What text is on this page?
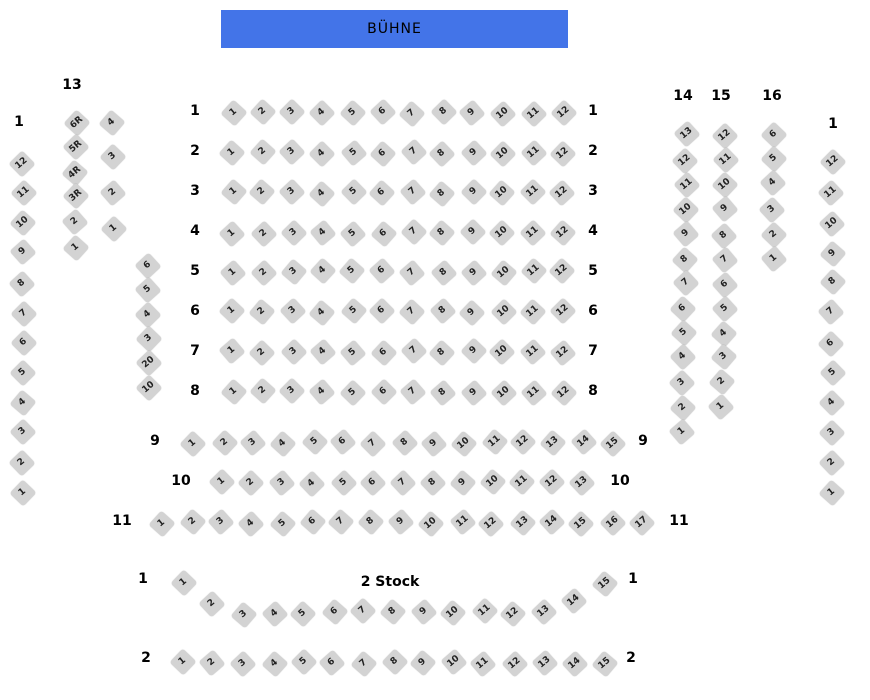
BÜHNE
1
12
11
10
9
8
7
6
5
4
3
2
1
13
6R
5R
4R
3R
2
1
4
3
2
1
6
5
4
3
20
10
1	1
1 2 3 4 5 6 7 8 9 10 11 12
2	2
1 2 3 4 5 6 7 8 9 10 11 12
3	3
1 2 3 4 5 6 7 8 9 10 11 12
4	4
1 2 3 4 5 6 7 8 9 10 11 12
5	5
1 2 3 4 5 6 7 8 9 10 11 12
6	6
1 2 3 4 5 6 7 8 9 10 11 12
7	7
1 2 3 4 5 6 7 8 9 10 11 12
8	8
1 2 3 4 5 6 7 8 9 10 11 12
9	9
1 2 3 4 5 6 7 8 9 10 11 12 13 14 15
10	10
1 2 3 4 5 6 7 8 9 10 11 12 13
11	11
1 2 3 4 5 6 7 8 9 10 11 12 13 14 15 16 17
14
13
12
11
10
9
8
7
6
5
4
3
2
1
15
12
11
10
9
8
7
6
5
4
3
2
1
16
6
5
4
3
2
1
1
12
11
10
9
8
7
6
5
4
3
2
1
1	2 Stock	1
1
2
3 4 5 6 7 8 9 10 11 12 13
14
15
2	2
1 2 3 4 5 6 7 8 9 10 11 12 13 14 15
